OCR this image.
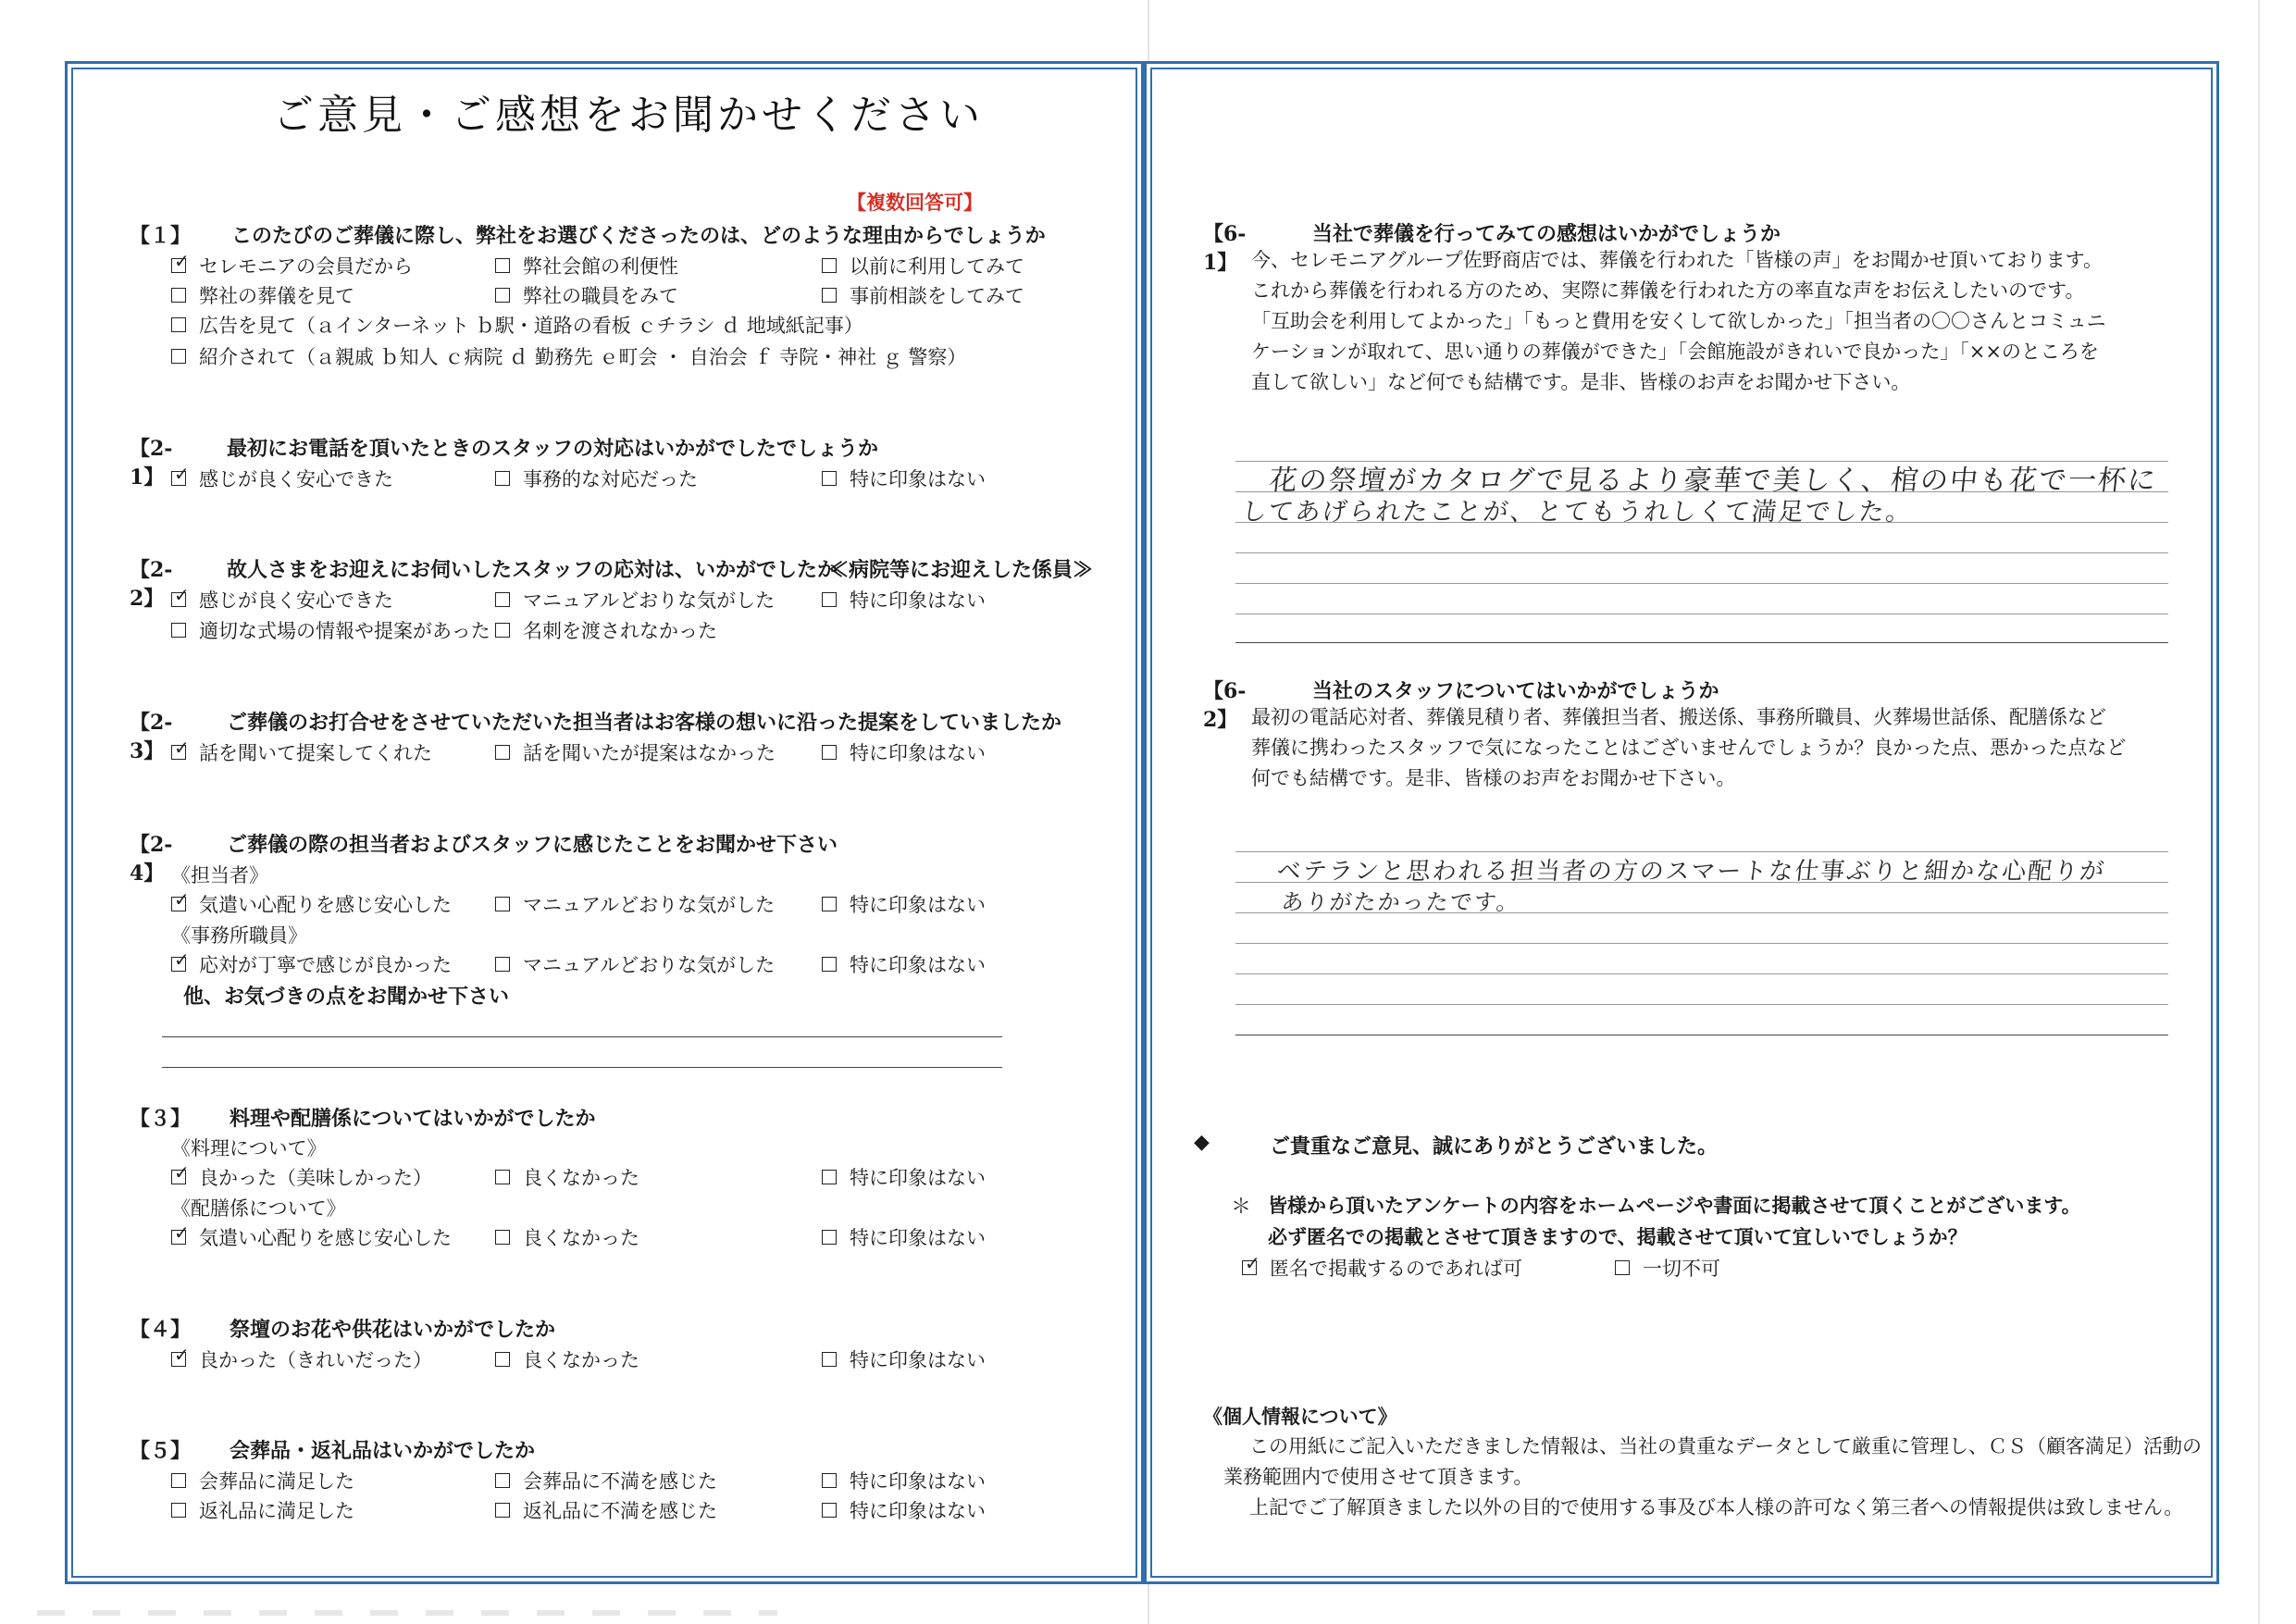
ご意見・ご感想をお聞かせください
【複数回答可】
【１】 このたびのご葬儀に際し、弊社をお選びくださったのは、どのような理由からでしょうか
✓
セレモニアの会員だから	弊社会館の利便性	以前に利用してみて
弊社の葬儀を見て	弊社の職員をみて	事前相談をしてみて
広告を見て（ａインターネット ｂ駅・道路の看板 ｃチラシ ｄ 地域紙記事）
紹介されて（ａ親戚 ｂ知人 ｃ病院 ｄ 勤務先 ｅ町会 ・ 自治会 ｆ 寺院・神社 ｇ 警察）
【2-1】
最初にお電話を頂いたときのスタッフの対応はいかがでしたでしょうか
✓
感じが良く安心できた	事務的な対応だった	特に印象はない
【2-2】
故人さまをお迎えにお伺いしたスタッフの応対は、いかがでしたか
≪病院等にお迎えした係員≫
✓
感じが良く安心できた	マニュアルどおりな気がした	特に印象はない
適切な式場の情報や提案があった 名刺を渡されなかった
【2-3】
ご葬儀のお打合せをさせていただいた担当者はお客様の想いに沿った提案をしていましたか
✓
話を聞いて提案してくれた	話を聞いたが提案はなかった	特に印象はない
【2-4】
ご葬儀の際の担当者およびスタッフに感じたことをお聞かせ下さい
《担当者》
✓
気遣い心配りを感じ安心した	マニュアルどおりな気がした	特に印象はない
《事務所職員》
✓
応対が丁寧で感じが良かった	マニュアルどおりな気がした	特に印象はない
他、お気づきの点をお聞かせ下さい
【３】 料理や配膳係についてはいかがでしたか
《料理について》
✓
良かった（美味しかった）	良くなかった	特に印象はない
《配膳係について》
✓
気遣い心配りを感じ安心した	良くなかった	特に印象はない
【４】 祭壇のお花や供花はいかがでしたか
✓
良かった（きれいだった）	良くなかった	特に印象はない
【５】 会葬品・返礼品はいかがでしたか
会葬品に満足した	会葬品に不満を感じた	特に印象はない
返礼品に満足した	返礼品に不満を感じた	特に印象はない
【6-1】
当社で葬儀を行ってみての感想はいかがでしょうか
今、セレモニアグループ佐野商店では、葬儀を行われた「皆様の声」をお聞かせ頂いております。
これから葬儀を行われる方のため、実際に葬儀を行われた方の率直な声をお伝えしたいのです。
「互助会を利用してよかった」「もっと費用を安くして欲しかった」「担当者の〇〇さんとコミュニ
ケーションが取れて、思い通りの葬儀ができた」「会館施設がきれいで良かった」「××のところを
直して欲しい」など何でも結構です。是非、皆様のお声をお聞かせ下さい。
花の祭壇がカタログで見るより豪華で美しく、棺の中も花で一杯に
してあげられたことが、とてもうれしくて満足でした。
【6-2】
当社のスタッフについてはいかがでしょうか
最初の電話応対者、葬儀見積り者、葬儀担当者、搬送係、事務所職員、火葬場世話係、配膳係など
葬儀に携わったスタッフで気になったことはございませんでしょうか？良かった点、悪かった点など
何でも結構です。是非、皆様のお声をお聞かせ下さい。
ベテランと思われる担当者の方のスマートな仕事ぶりと細かな心配りが
ありがたかったです。
◆	ご貴重なご意見、誠にありがとうございました。
＊ 皆様から頂いたアンケートの内容をホームページや書面に掲載させて頂くことがございます。
必ず匿名での掲載とさせて頂きますので、掲載させて頂いて宜しいでしょうか？
✓
匿名で掲載するのであれば可	一切不可
《個人情報について》
この用紙にご記入いただきました情報は、当社の貴重なデータとして厳重に管理し、ＣＳ（顧客満足）活動の
業務範囲内で使用させて頂きます。
上記でご了解頂きました以外の目的で使用する事及び本人様の許可なく第三者への情報提供は致しません。
